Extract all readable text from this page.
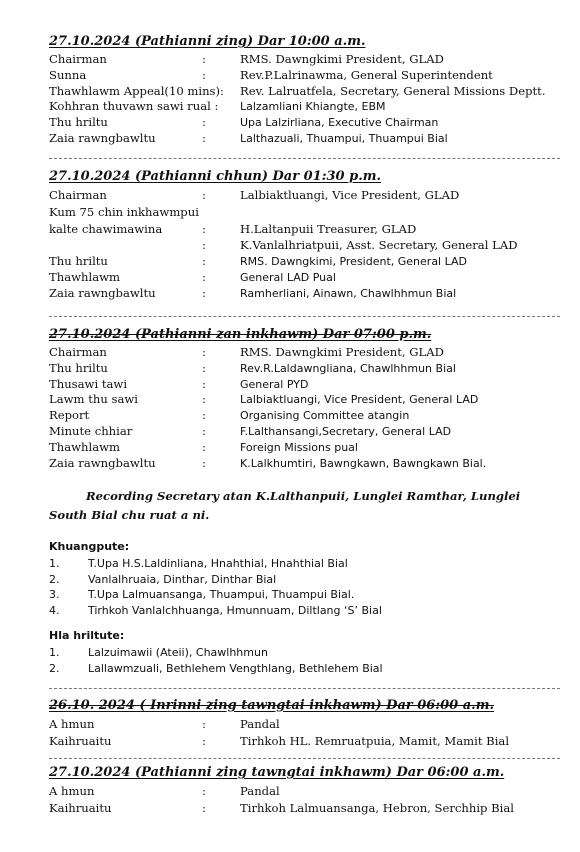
27.10.2024 (Pathianni zing) Dar 10:00 a.m.
Chairman	:	RMS. Dawngkimi President, GLAD
Sunna	:	Rev.P.Lalrinawma, General Superintendent
Thawhlawm Appeal(10 mins): Rev. Lalruatfela, Secretary, General Missions Deptt.
Kohhran thuvawn sawi rual : Lalzamliani Khiangte, EBM
Thu hriltu	:	Upa Lalzirliana, Executive Chairman
Zaia rawngbawltu	:	Lalthazuali, Thuampui, Thuampui Bial
27.10.2024 (Pathianni chhun) Dar 01:30 p.m.
Chairman	:	Lalbiaktluangi, Vice President, GLAD
Kum 75 chin inkhawmpui
kalte chawimawina	:	H.Laltanpuii Treasurer, GLAD
:	K.Vanlalhriatpuii, Asst. Secretary, General LAD
Thu hriltu	:	RMS. Dawngkimi, President, General LAD
Thawhlawm	:	General LAD Pual
Zaia rawngbawltu	:	Ramherliani, Ainawn, Chawlhhmun Bial
27.10.2024 (Pathianni zan inkhawm) Dar 07:00 p.m.
Chairman	:	RMS. Dawngkimi President, GLAD
Thu hriltu	:	Rev.R.Laldawngliana, Chawlhhmun Bial
Thusawi tawi	:	General PYD
Lawm thu sawi	:	Lalbiaktluangi, Vice President, General LAD
Report	:	Organising Committee atangin
Minute chhiar	:	F.Lalthansangi,Secretary, General LAD
Thawhlawm	:	Foreign Missions pual
Zaia rawngbawltu	:	K.Lalkhumtiri, Bawngkawn, Bawngkawn Bial.
Recording Secretary atan K.Lalthanpuii, Lunglei Ramthar, Lunglei South Bial chu ruat a ni.
Khuangpute:
1.	T.Upa H.S.Laldinliana, Hnahthial, Hnahthial Bial
2.	Vanlalhruaia, Dinthar, Dinthar Bial
3.	T.Upa Lalmuansanga, Thuampui, Thuampui Bial.
4.	Tirhkoh Vanlalchhuanga, Hmunnuam, Diltlang ‘S’ Bial
Hla hriltute:
1.	Lalzuimawii (Ateii), Chawlhhmun
2.	Lallawmzuali, Bethlehem Vengthlang, Bethlehem Bial
26.10. 2024 ( Inrinni zing tawngtai inkhawm) Dar 06:00 a.m.
A hmun	:	Pandal
Kaihruaitu	:	Tirhkoh HL. Remruatpuia, Mamit, Mamit Bial
27.10.2024 (Pathianni zing tawngtai inkhawm) Dar 06:00 a.m.
A hmun	:	Pandal
Kaihruaitu	:	Tirhkoh Lalmuansanga, Hebron, Serchhip Bial
